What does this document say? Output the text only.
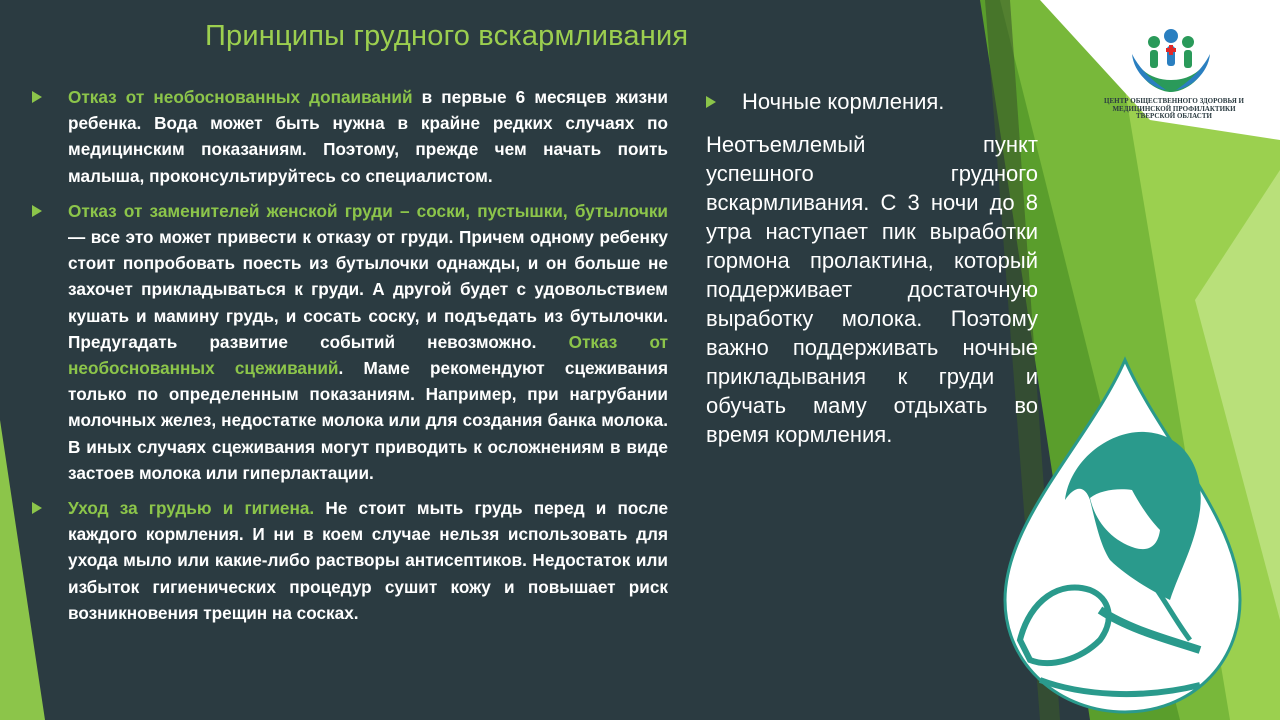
Принципы грудного вскармливания
Отказ от необоснованных допаиваний в первые 6 месяцев жизни ребенка. Вода может быть нужна в крайне редких случаях по медицинским показаниям. Поэтому, прежде чем начать поить малыша, проконсультируйтесь со специалистом.
Отказ от заменителей женской груди – соски, пустышки, бутылочки — все это может привести к отказу от груди. Причем одному ребенку стоит попробовать поесть из бутылочки однажды, и он больше не захочет прикладываться к груди. А другой будет с удовольствием кушать и мамину грудь, и сосать соску, и подъедать из бутылочки. Предугадать развитие событий невозможно. Отказ от необоснованных сцеживаний. Маме рекомендуют сцеживания только по определенным показаниям. Например, при нагрубании молочных желез, недостатке молока или для создания банка молока. В иных случаях сцеживания могут приводить к осложнениям в виде застоев молока или гиперлактации.
Уход за грудью и гигиена. Не стоит мыть грудь перед и после каждого кормления. И ни в коем случае нельзя использовать для ухода мыло или какие-либо растворы антисептиков. Недостаток или избыток гигиенических процедур сушит кожу и повышает риск возникновения трещин на сосках.
Ночные кормления.
Неотъемлемый пункт успешного грудного вскармливания. С 3 ночи до 8 утра наступает пик выработки гормона пролактина, который поддерживает достаточную выработку молока. Поэтому важно поддерживать ночные прикладывания к груди и обучать маму отдыхать во время кормления.
ЦЕНТР ОБЩЕСТВЕННОГО ЗДОРОВЬЯ И
МЕДИЦИНСКОЙ ПРОФИЛАКТИКИ
ТВЕРСКОЙ ОБЛАСТИ
